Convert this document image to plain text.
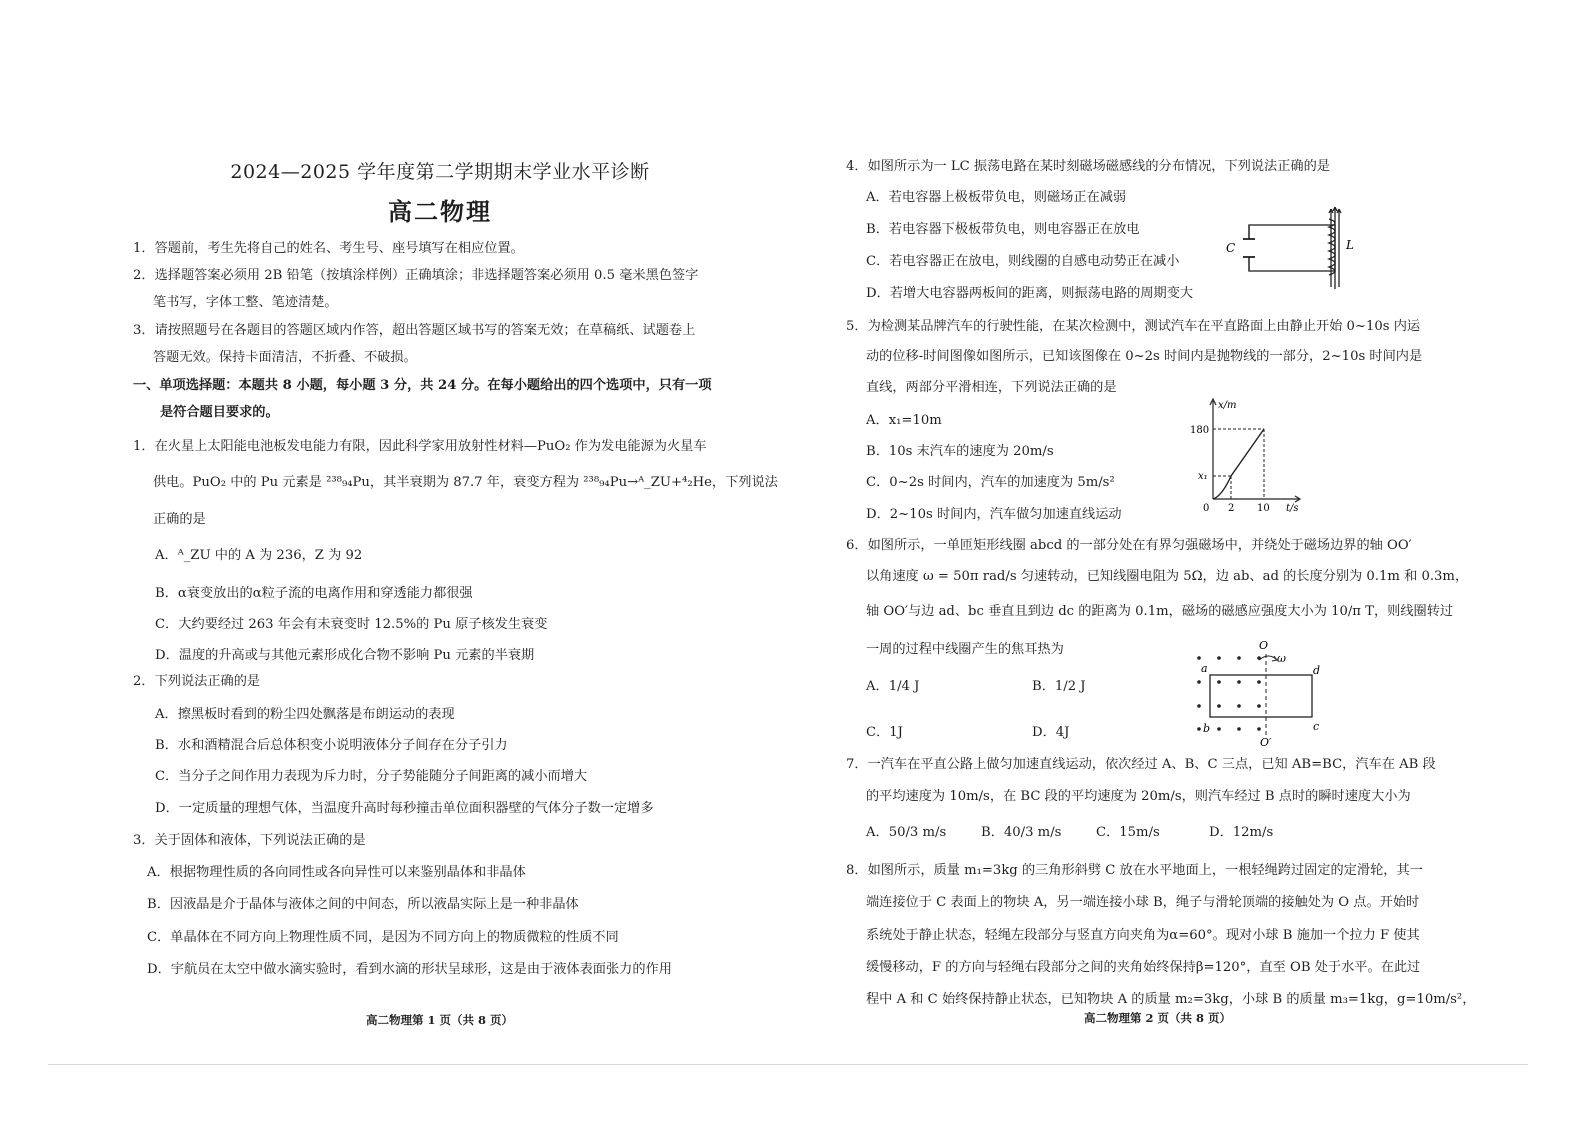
2024—2025 学年度第二学期期末学业水平诊断
高二物理
1．答题前，考生先将自己的姓名、考生号、座号填写在相应位置。
2．选择题答案必须用 2B 铅笔（按填涂样例）正确填涂；非选择题答案必须用 0.5 毫米黑色签字
笔书写，字体工整、笔迹清楚。
3．请按照题号在各题目的答题区域内作答，超出答题区域书写的答案无效；在草稿纸、试题卷上
答题无效。保持卡面清洁，不折叠、不破损。
一、单项选择题：本题共 8 小题，每小题 3 分，共 24 分。在每小题给出的四个选项中，只有一项
是符合题目要求的。
1．在火星上太阳能电池板发电能力有限，因此科学家用放射性材料—PuO₂ 作为发电能源为火星车
供电。PuO₂ 中的 Pu 元素是 ²³⁸₉₄Pu，其半衰期为 87.7 年，衰变方程为 ²³⁸₉₄Pu→ᴬ_ZU+⁴₂He，下列说法
正确的是
A．ᴬ_ZU 中的 A 为 236，Z 为 92
B．α衰变放出的α粒子流的电离作用和穿透能力都很强
C．大约要经过 263 年会有未衰变时 12.5%的 Pu 原子核发生衰变
D．温度的升高或与其他元素形成化合物不影响 Pu 元素的半衰期
2．下列说法正确的是
A．擦黑板时看到的粉尘四处飘落是布朗运动的表现
B．水和酒精混合后总体积变小说明液体分子间存在分子引力
C．当分子之间作用力表现为斥力时，分子势能随分子间距离的减小而增大
D．一定质量的理想气体，当温度升高时每秒撞击单位面积器壁的气体分子数一定增多
3．关于固体和液体，下列说法正确的是
A．根据物理性质的各向同性或各向异性可以来鉴别晶体和非晶体
B．因液晶是介于晶体与液体之间的中间态，所以液晶实际上是一种非晶体
C．单晶体在不同方向上物理性质不同，是因为不同方向上的物质微粒的性质不同
D．宇航员在太空中做水滴实验时，看到水滴的形状呈球形，这是由于液体表面张力的作用
高二物理第 1 页（共 8 页）
4．如图所示为一 LC 振荡电路在某时刻磁场磁感线的分布情况，下列说法正确的是
A．若电容器上极板带负电，则磁场正在减弱
B．若电容器下极板带负电，则电容器正在放电
C．若电容器正在放电，则线圈的自感电动势正在减小
D．若增大电容器两板间的距离，则振荡电路的周期变大
C	L
5．为检测某品牌汽车的行驶性能，在某次检测中，测试汽车在平直路面上由静止开始 0~10s 内运
动的位移-时间图像如图所示，已知该图像在 0~2s 时间内是抛物线的一部分，2~10s 时间内是
直线，两部分平滑相连，下列说法正确的是
A．x₁=10m
B．10s 末汽车的速度为 20m/s
C．0~2s 时间内，汽车的加速度为 5m/s²
D．2~10s 时间内，汽车做匀加速直线运动
x/m
t/s
180
x₁
0 2 10
6．如图所示，一单匝矩形线圈 abcd 的一部分处在有界匀强磁场中，并绕处于磁场边界的轴 OO′
以角速度 ω = 50π rad/s 匀速转动，已知线圈电阻为 5Ω，边 ab、ad 的长度分别为 0.1m 和 0.3m，
轴 OO′与边 ad、bc 垂直且到边 dc 的距离为 0.1m，磁场的磁感应强度大小为 10/π T，则线圈转过
一周的过程中线圈产生的焦耳热为
A．1/4 J	B．1/2 J
C．1J	D．4J
O
O′
ω
a
b	c
d
7．一汽车在平直公路上做匀加速直线运动，依次经过 A、B、C 三点，已知 AB=BC，汽车在 AB 段
的平均速度为 10m/s，在 BC 段的平均速度为 20m/s，则汽车经过 B 点时的瞬时速度大小为
A．50/3 m/s	B．40/3 m/s	C．15m/s	D．12m/s
8．如图所示，质量 m₁=3kg 的三角形斜劈 C 放在水平地面上，一根轻绳跨过固定的定滑轮，其一
端连接位于 C 表面上的物块 A，另一端连接小球 B，绳子与滑轮顶端的接触处为 O 点。开始时
系统处于静止状态，轻绳左段部分与竖直方向夹角为α=60°。现对小球 B 施加一个拉力 F 使其
缓慢移动，F 的方向与轻绳右段部分之间的夹角始终保持β=120°，直至 OB 处于水平。在此过
程中 A 和 C 始终保持静止状态，已知物块 A 的质量 m₂=3kg，小球 B 的质量 m₃=1kg，g=10m/s²，
高二物理第 2 页（共 8 页）
